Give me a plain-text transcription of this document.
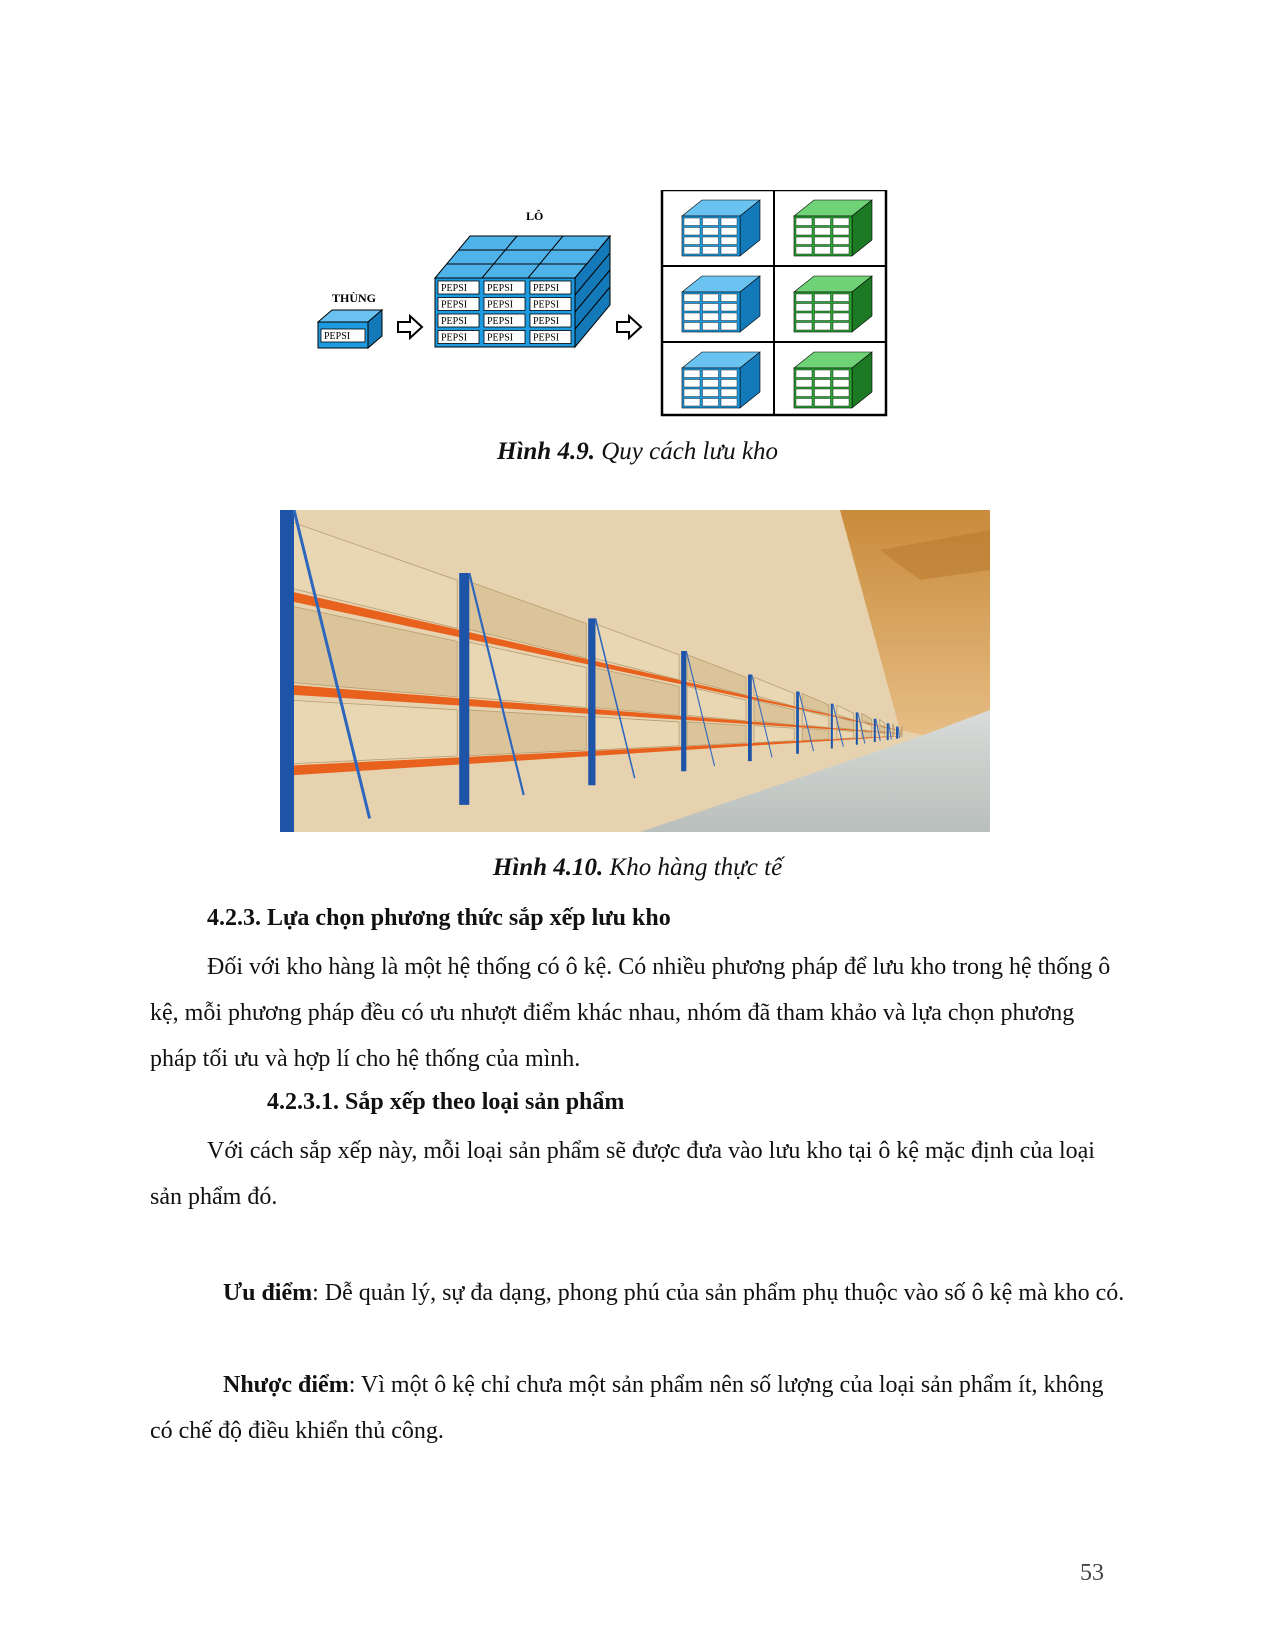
THÙNG
PEPSI
LÔ
PEPSI PEPSI PEPSI
PEPSI PEPSI PEPSI
PEPSI PEPSI PEPSI
PEPSI PEPSI PEPSI
Hình 4.9. Quy cách lưu kho
Hình 4.10. Kho hàng thực tế
4.2.3. Lựa chọn phương thức sắp xếp lưu kho
Đối với kho hàng là một hệ thống có ô kệ. Có nhiều phương pháp để lưu kho trong hệ thống ô kệ, mỗi phương pháp đều có ưu nhượt điểm khác nhau, nhóm đã tham khảo và lựa chọn phương pháp tối ưu và hợp lí cho hệ thống của mình.
4.2.3.1. Sắp xếp theo loại sản phẩm
Với cách sắp xếp này, mỗi loại sản phẩm sẽ được đưa vào lưu kho tại ô kệ mặc định của loại sản phẩm đó.
Ưu điểm: Dễ quản lý, sự đa dạng, phong phú của sản phẩm phụ thuộc vào số ô kệ mà kho có.
Nhược điểm: Vì một ô kệ chỉ chưa một sản phẩm nên số lượng của loại sản phẩm ít, không có chế độ điều khiển thủ công.
53
